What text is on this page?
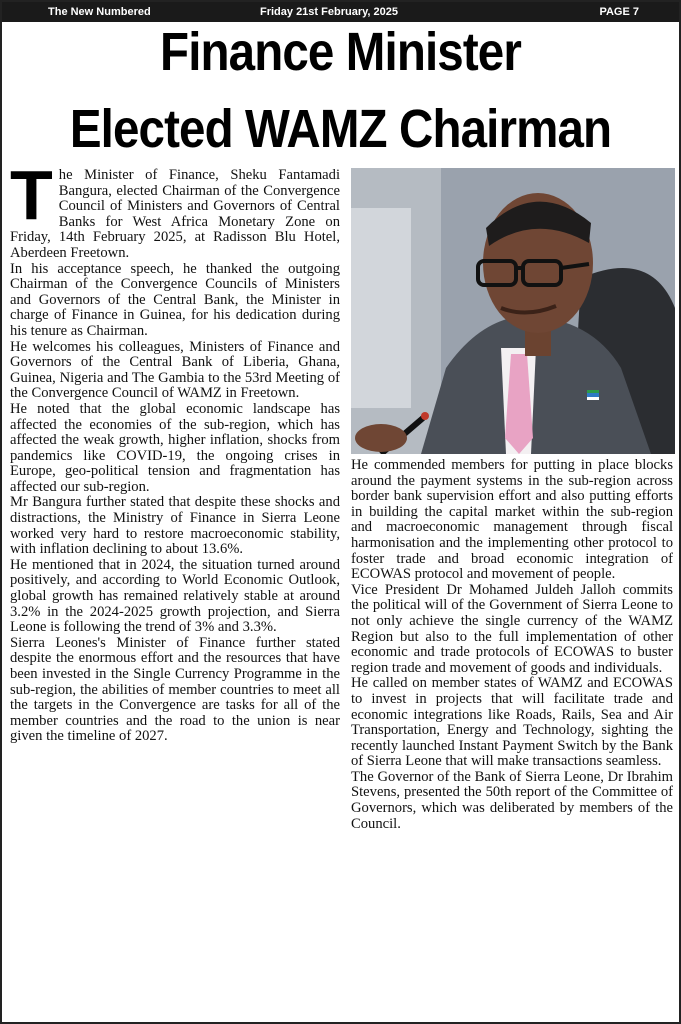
The New Numbered	Friday 21st February, 2025	PAGE 7
Finance Minister
Elected WAMZ Chairman

The Minister of Finance, Sheku Fantamadi Bangura, elected Chairman of the Convergence Council of Ministers and Governors of Central Banks for West Africa Monetary Zone on Friday, 14th February 2025, at Radisson Blu Hotel, Aberdeen Freetown.

In his acceptance speech, he thanked the outgoing Chairman of the Convergence Councils of Ministers and Governors of the Central Bank, the Minister in charge of Finance in Guinea, for his dedication during his tenure as Chairman.

He welcomes his colleagues, Ministers of Finance and Governors of the Central Bank of Liberia, Ghana, Guinea, Nigeria and The Gambia to the 53rd Meeting of the Convergence Council of WAMZ in Freetown.

He noted that the global economic landscape has affected the economies of the sub-region, which has affected the weak growth, higher inflation, shocks from pandemics like COVID-19, the ongoing crises in Europe, geo-political tension and fragmentation has affected our sub-region.

Mr Bangura further stated that despite these shocks and distractions, the Ministry of Finance in Sierra Leone worked very hard to restore macroeconomic stability, with inflation declining to about 13.6%.

He mentioned that in 2024, the situation turned around positively, and according to World Economic Outlook, global growth has remained relatively stable at around 3.2% in the 2024-2025 growth projection, and Sierra Leone is following the trend of 3% and 3.3%.

Sierra Leones's Minister of Finance further stated despite the enormous effort and the resources that have been invested in the Single Currency Programme in the sub-region, the abilities of member countries to meet all the targets in the Convergence are tasks for all of the member countries and the road to the union is near given the timeline of 2027.

He commended members for putting in place blocks around the payment systems in the sub-region across border bank supervision effort and also putting efforts in building the capital market within the sub-region and macroeconomic management through fiscal harmonisation and the implementing other protocol to foster trade and broad economic integration of ECOWAS protocol and movement of people.

Vice President Dr Mohamed Juldeh Jalloh commits the political will of the Government of Sierra Leone to not only achieve the single currency of the WAMZ Region but also to the full implementation of other economic and trade protocols of ECOWAS to buster region trade and movement of goods and individuals.

He called on member states of WAMZ and ECOWAS to invest in projects that will facilitate trade and economic integrations like Roads, Rails, Sea and Air Transportation, Energy and Technology, sighting the recently launched Instant Payment Switch by the Bank of Sierra Leone that will make transactions seamless.

The Governor of the Bank of Sierra Leone, Dr Ibrahim Stevens, presented the 50th report of the Committee of Governors, which was deliberated by members of the Council.
